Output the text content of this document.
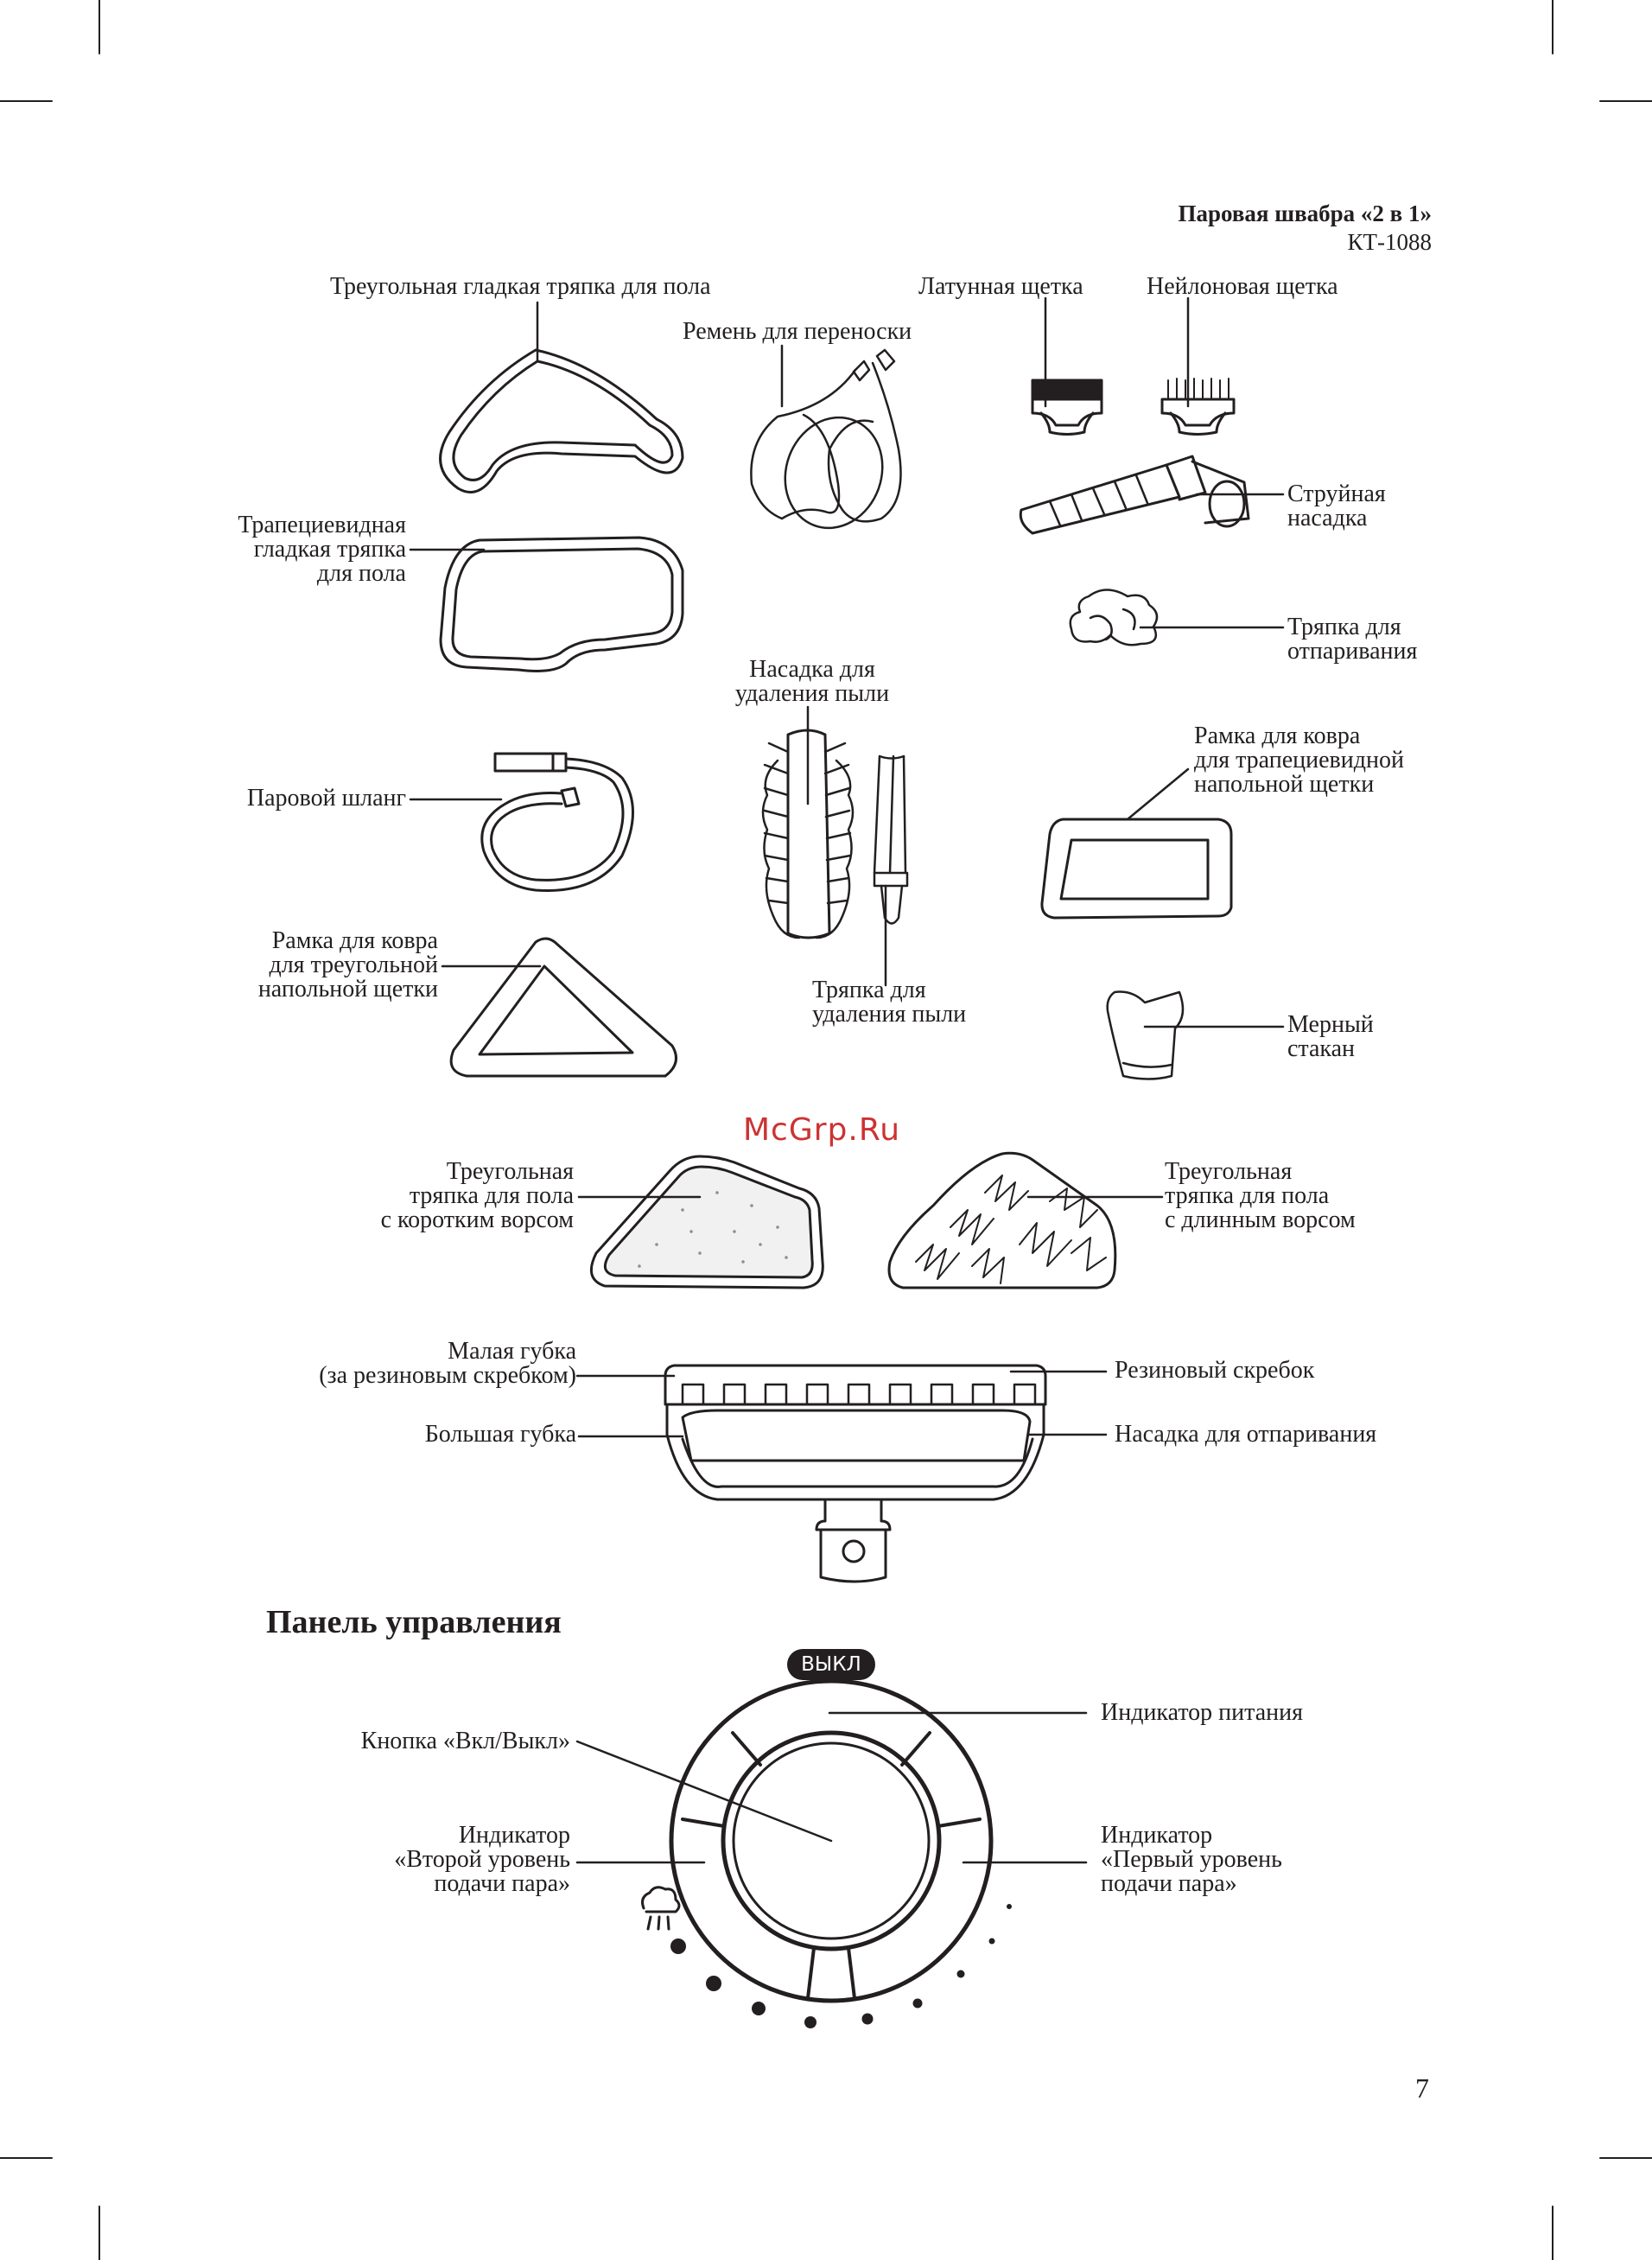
Паровая швабра «2 в 1»
КТ-1088
Треугольная гладкая тряпка для пола
Ремень для переноски
Латунная щетка	Нейлоновая щетка
Струйная
насадка
Трапециевидная
гладкая тряпка
для пола
Тряпка для
отпаривания
Насадка для
удаления пыли
Рамка для ковра
для трапециевидной
напольной щетки
Паровой шланг
Рамка для ковра
для треугольной
напольной щетки	Тряпка для
удаления пыли	Мерный
стакан
Треугольная
тряпка для пола
с коротким ворсом
Треугольная
тряпка для пола
с длинным ворсом
Малая губка
(за резиновым скребком)	Резиновый скребок
Большая губка	Насадка для отпаривания
McGrp.Ru
Панель управления
ВЫКЛ
Индикатор питания
Кнопка «Вкл/Выкл»
Индикатор
«Второй уровень
подачи пара»
Индикатор
«Первый уровень
подачи пара»
7
